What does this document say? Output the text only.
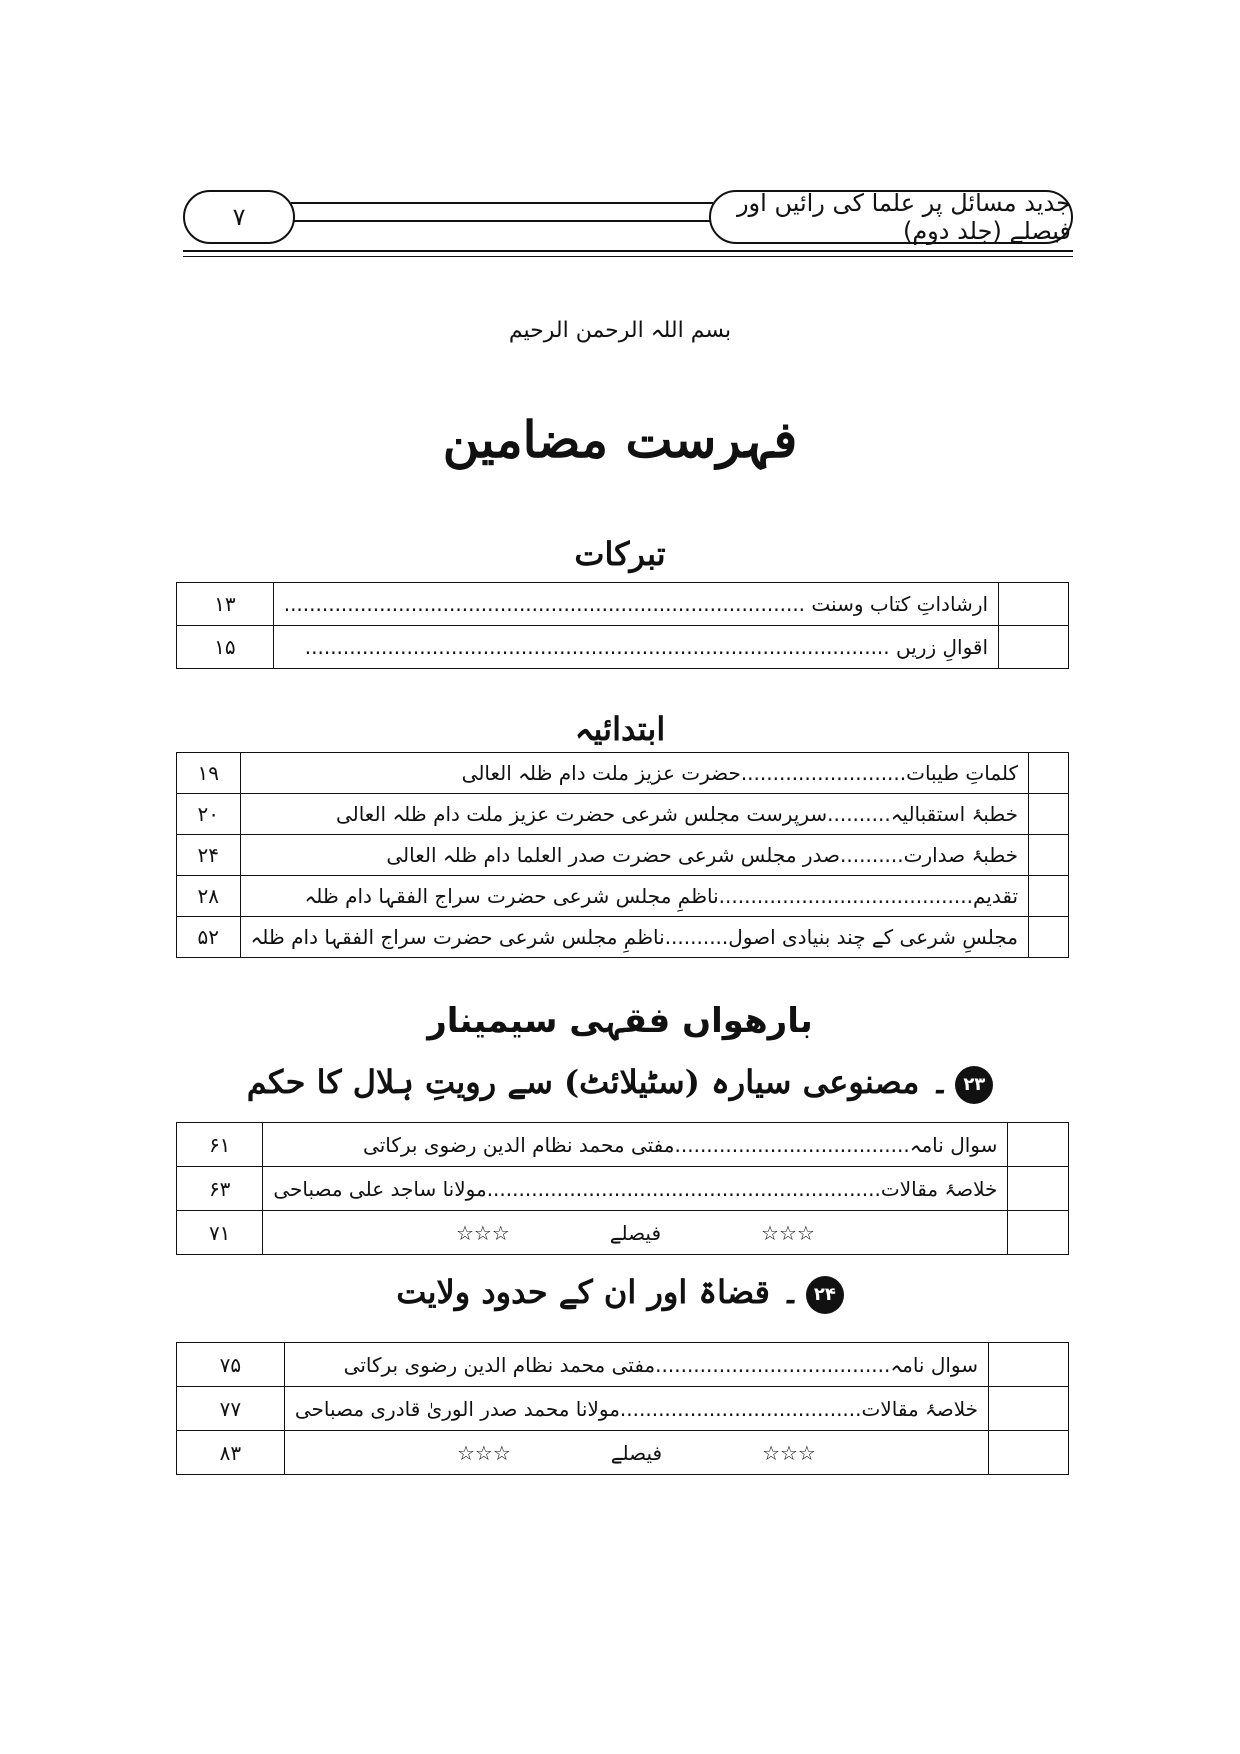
جدید مسائل پر علما کی رائیں اور فیصلے (جلد دوم)
۷
بسم اللہ الرحمن الرحیم
فہرست مضامین
تبرکات
	ارشاداتِ کتاب وسنت ..................................................................................	۱۳
	اقوالِ زریں ............................................................................................	۱۵
ابتدائیہ
	کلماتِ طیبات..........................حضرت عزیز ملت دام ظلہ العالی	۱۹
	خطبۂ استقبالیہ..........سرپرست مجلس شرعی حضرت عزیز ملت دام ظلہ العالی	۲۰
	خطبۂ صدارت..........صدر مجلس شرعی حضرت صدر العلما دام ظلہ العالی	۲۴
	تقدیم........................................ناظمِ مجلس شرعی حضرت سراج الفقہا دام ظلہ	۲۸
	مجلسِ شرعی کے چند بنیادی اصول..........ناظمِ مجلس شرعی حضرت سراج الفقہا دام ظلہ	۵۲
بارھواں فقہی سیمینار
۲۳۔ مصنوعی سیارہ (سٹیلائٹ) سے رویتِ ہلال کا حکم
	سوال نامہ.....................................مفتی محمد نظام الدین رضوی برکاتی	۶۱
	خلاصۂ مقالات..............................................................مولانا ساجد علی مصباحی	۶۳
	☆☆☆فیصلے☆☆☆	۷۱
۲۴۔ قضاۃ اور ان کے حدود ولایت
	سوال نامہ.....................................مفتی محمد نظام الدین رضوی برکاتی	۷۵
	خلاصۂ مقالات......................................مولانا محمد صدر الوریٰ قادری مصباحی	۷۷
	☆☆☆فیصلے☆☆☆	۸۳
